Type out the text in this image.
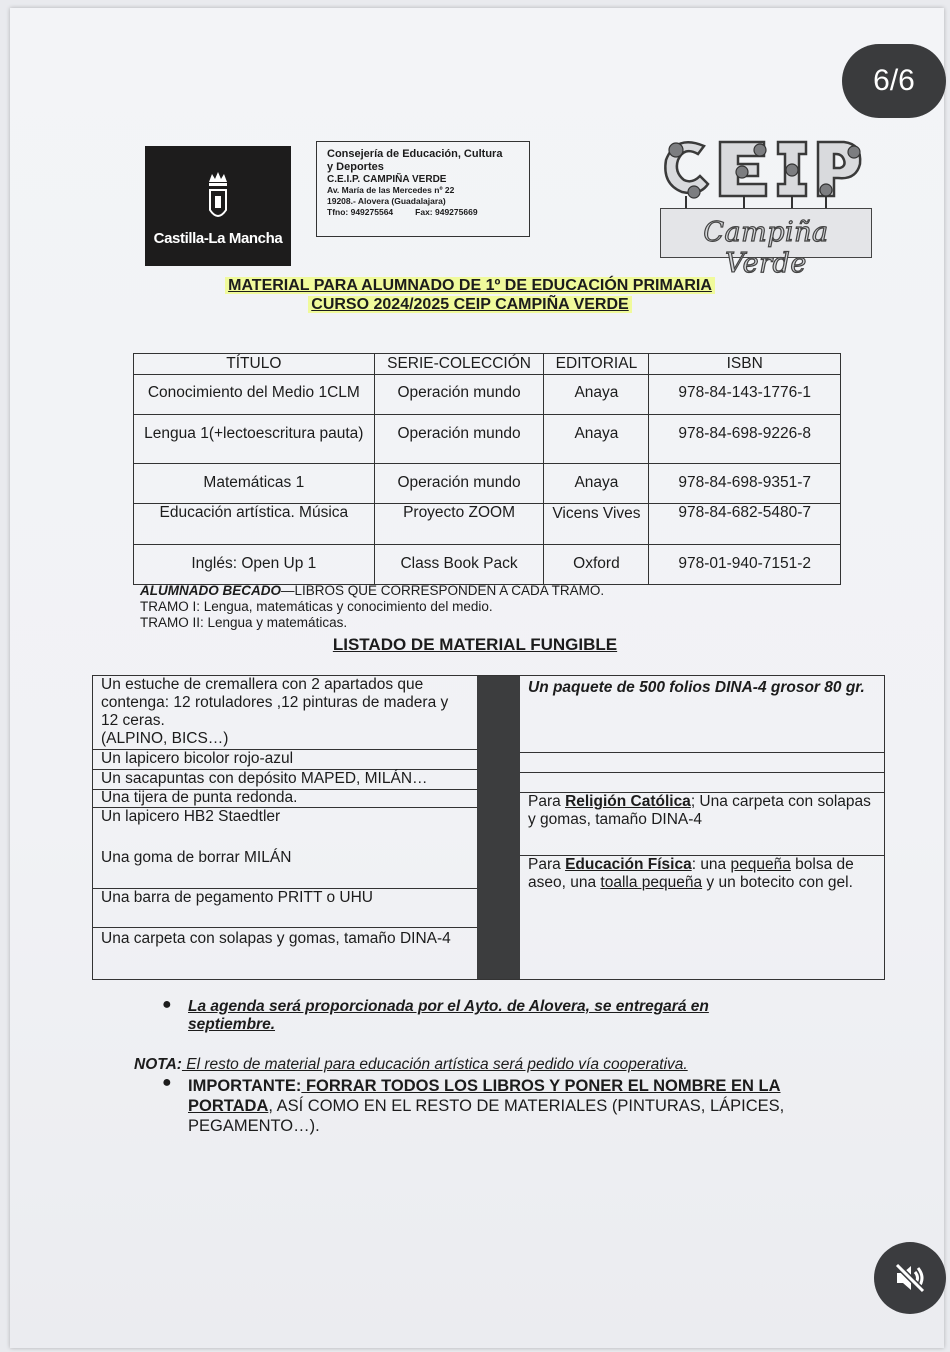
Castilla-La Mancha
Consejería de Educación, Cultura
y Deportes
C.E.I.P. CAMPIÑA VERDE
Av. María de las Mercedes nº 22
19208.- Alovera (Guadalajara)
Tfno: 949275564	Fax: 949275669
Campiña Verde
MATERIAL PARA ALUMNADO DE 1º DE EDUCACIÓN PRIMARIA
CURSO 2024/2025 CEIP CAMPIÑA VERDE
TÍTULO	SERIE-COLECCIÓN	EDITORIAL	ISBN
Conocimiento del Medio 1CLM	Operación mundo	Anaya	978-84-143-1776-1
Lengua 1(+lectoescritura pauta)	Operación mundo	Anaya	978-84-698-9226-8
Matemáticas 1	Operación mundo	Anaya	978-84-698-9351-7
Educación artística. Música	Proyecto ZOOM	Vicens Vives	978-84-682-5480-7
Inglés: Open Up 1	Class Book Pack	Oxford	978-01-940-7151-2
ALUMNADO BECADO—LIBROS QUE CORRESPONDEN A CADA TRAMO.
TRAMO I: Lengua, matemáticas y conocimiento del medio.
TRAMO II: Lengua y matemáticas.
LISTADO DE MATERIAL FUNGIBLE
Un estuche de cremallera con 2 apartados que contenga: 12 rotuladores ,12 pinturas de madera y 12 ceras.
(ALPINO, BICS…)
Un lapicero bicolor rojo-azul
Un sacapuntas con depósito MAPED, MILÁN…
Una tijera de punta redonda.
Un lapicero HB2 Staedtler
Una goma de borrar MILÁN
Una barra de pegamento PRITT o UHU
Una carpeta con solapas y gomas, tamaño DINA-4
Un paquete de 500 folios DINA-4 grosor 80 gr.
Para Religión Católica; Una carpeta con solapas y gomas, tamaño DINA-4
Para Educación Física: una pequeña bolsa de aseo, una toalla pequeña y un botecito con gel.
● La agenda será proporcionada por el Ayto. de Alovera, se entregará en septiembre.
NOTA: El resto de material para educación artística será pedido vía cooperativa.
● IMPORTANTE: FORRAR TODOS LOS LIBROS Y PONER EL NOMBRE EN LA PORTADA, ASÍ COMO EN EL RESTO DE MATERIALES (PINTURAS, LÁPICES, PEGAMENTO…).
6/6
